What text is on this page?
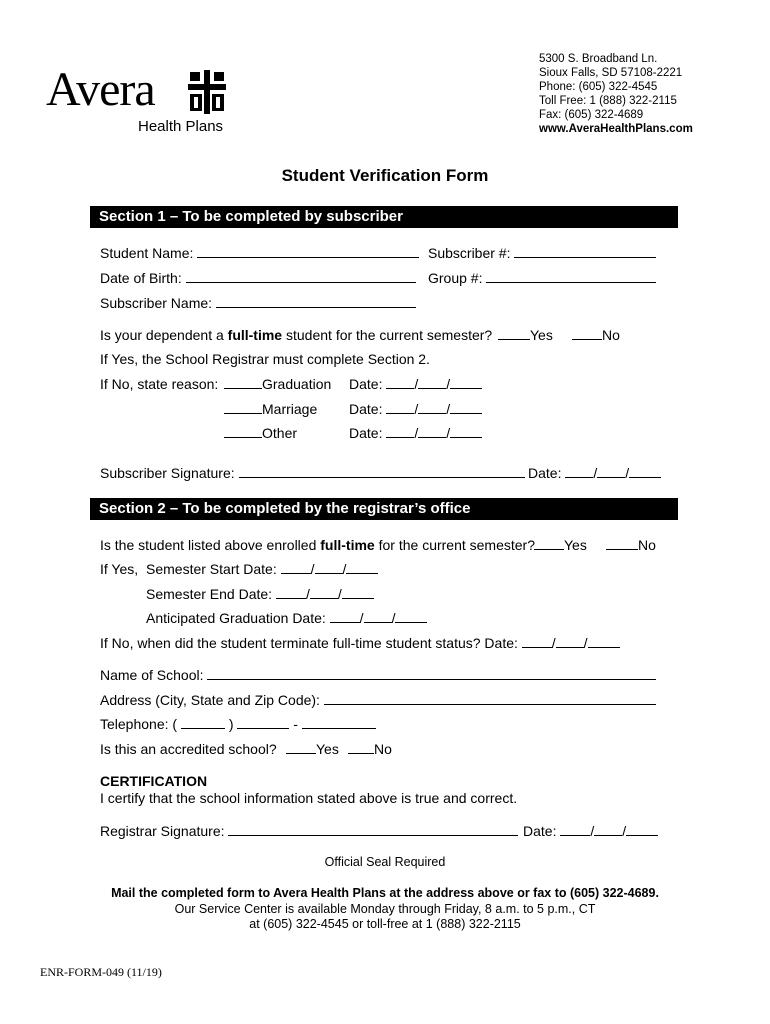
Avera
Health Plans
5300 S. Broadband Ln.
Sioux Falls, SD 57108-2221
Phone: (605) 322-4545
Toll Free: 1 (888) 322-2115
Fax: (605) 322-4689
www.AveraHealthPlans.com
Student Verification Form
Section 1 – To be completed by subscriber
Student Name:	Subscriber #:
Date of Birth:	Group #:
Subscriber Name:
Is your dependent a full-time student for the current semester?	Yes	No
If Yes, the School Registrar must complete Section 2.
If No, state reason:	Graduation Date: / /
Marriage Date: / /
Other	Date: / /
Subscriber Signature:	Date: / /
Section 2 – To be completed by the registrar’s office
Is the student listed above enrolled full-time for the current semester?	Yes	No
If Yes, Semester Start Date: / /
Semester End Date: / /
Anticipated Graduation Date: / /
If No, when did the student terminate full-time student status? Date: / /
Name of School:
Address (City, State and Zip Code):
Telephone: (	)	-
Is this an accredited school?	Yes	No
CERTIFICATION
I certify that the school information stated above is true and correct.
Registrar Signature:	Date: / /
Official Seal Required
Mail the completed form to Avera Health Plans at the address above or fax to (605) 322-4689.
Our Service Center is available Monday through Friday, 8 a.m. to 5 p.m., CT
at (605) 322-4545 or toll-free at 1 (888) 322-2115
ENR-FORM-049 (11/19)
